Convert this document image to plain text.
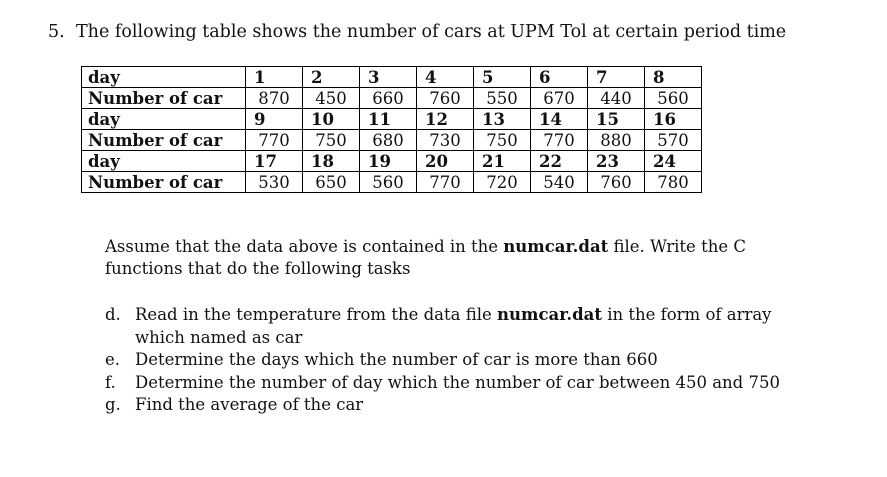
5. The following table shows the number of cars at UPM Tol at certain period time
day	1	2	3	4	5	6	7	8
Number of car	870	450	660	760	550	670	440	560
day	9	10	11	12	13	14	15	16
Number of car	770	750	680	730	750	770	880	570
day	17	18	19	20	21	22	23	24
Number of car	530	650	560	770	720	540	760	780
Assume that the data above is contained in the numcar.dat file. Write the C functions that do the following tasks
d. Read in the temperature from the data file numcar.dat in the form of array which named as car
e. Determine the days which the number of car is more than 660
f.	Determine the number of day which the number of car between 450 and 750
g. Find the average of the car
